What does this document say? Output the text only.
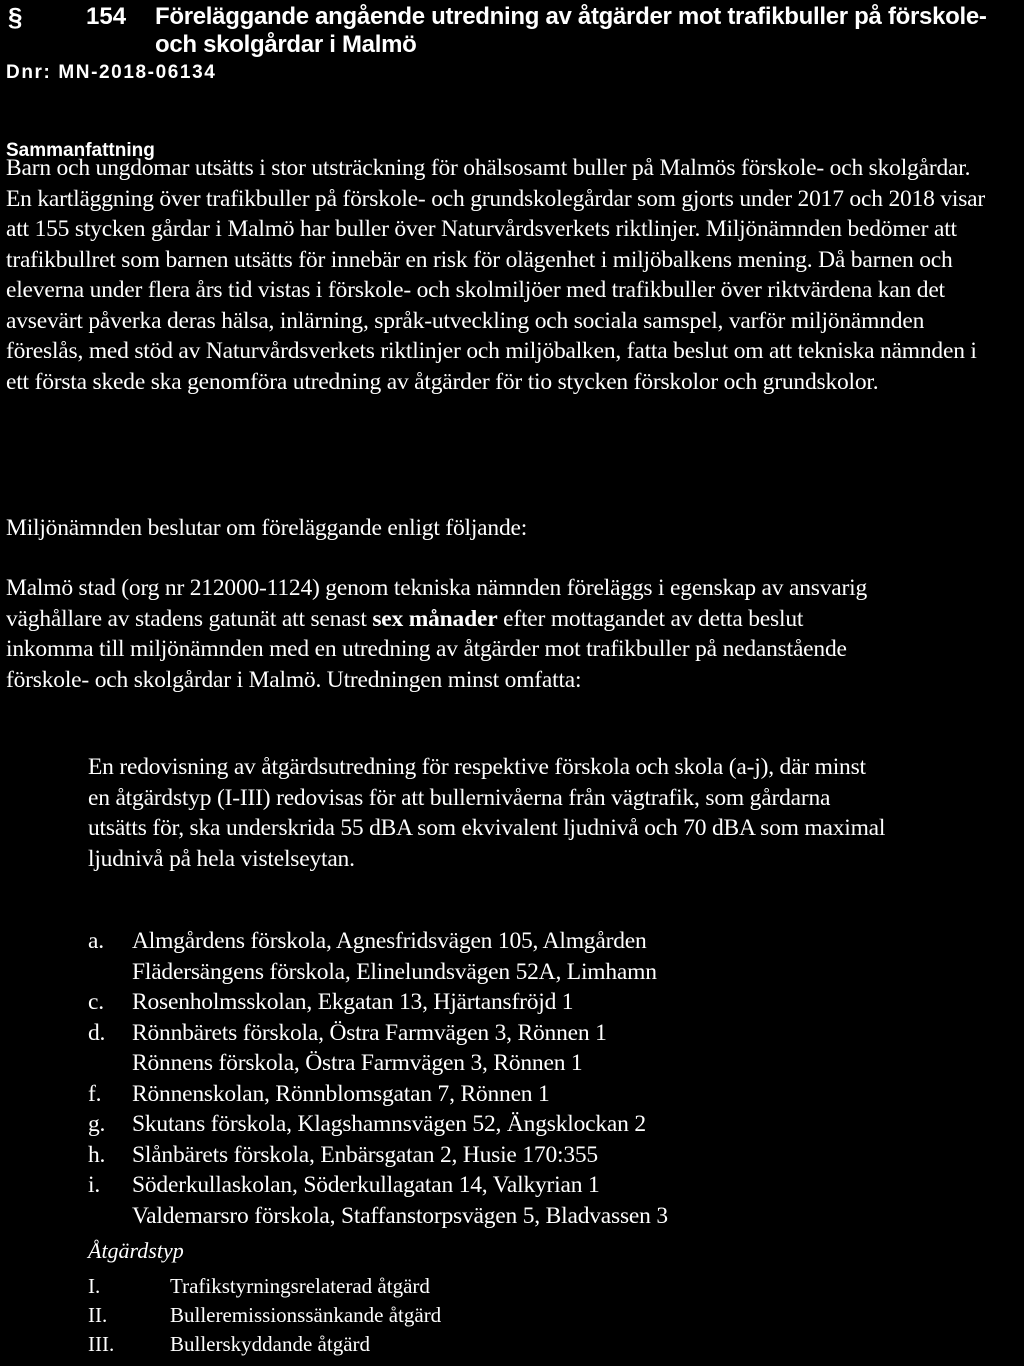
§	154 Föreläggande angående utredning av åtgärder mot trafikbuller på förskole-
och skolgårdar i Malmö
Dnr: MN-2018-06134
Sammanfattning
Barn och ungdomar utsätts i stor utsträckning för ohälsosamt buller på Malmös förskole- och skolgårdar. En kartläggning över trafikbuller på förskole- och grundskolegårdar som gjorts under 2017 och 2018 visar att 155 stycken gårdar i Malmö har buller över Naturvårdsverkets riktlinjer. Miljönämnden bedömer att trafikbullret som barnen utsätts för innebär en risk för olägenhet i miljöbalkens mening. Då barnen och eleverna under flera års tid vistas i förskole- och skolmiljöer med trafikbuller över riktvärdena kan det avsevärt påverka deras hälsa, inlärning, språk-utveckling och sociala samspel, varför miljönämnden föreslås, med stöd av Naturvårdsverkets riktlinjer och miljöbalken, fatta beslut om att tekniska nämnden i ett första skede ska genomföra utredning av åtgärder för tio stycken förskolor och grundskolor.
Miljönämnden beslutar om föreläggande enligt följande:
Malmö stad (org nr 212000-1124) genom tekniska nämnden föreläggs i egenskap av ansvarig väghållare av stadens gatunät att senast sex månader efter mottagandet av detta beslut inkomma till miljönämnden med en utredning av åtgärder mot trafikbuller på nedanstående förskole- och skolgårdar i Malmö. Utredningen minst omfatta:
En redovisning av åtgärdsutredning för respektive förskola och skola (a-j), där minst en åtgärdstyp (I-III) redovisas för att bullernivåerna från vägtrafik, som gårdarna utsätts för, ska underskrida 55 dBA som ekvivalent ljudnivå och 70 dBA som maximal ljudnivå på hela vistelseytan.
a. Almgårdens förskola, Agnesfridsvägen 105, Almgården
Flädersängens förskola, Elinelundsvägen 52A, Limhamn
c. Rosenholmsskolan, Ekgatan 13, Hjärtansfröjd 1
d. Rönnbärets förskola, Östra Farmvägen 3, Rönnen 1
Rönnens förskola, Östra Farmvägen 3, Rönnen 1
f. Rönnenskolan, Rönnblomsgatan 7, Rönnen 1
g. Skutans förskola, Klagshamnsvägen 52, Ängsklockan 2
h. Slånbärets förskola, Enbärsgatan 2, Husie 170:355
i. Söderkullaskolan, Söderkullagatan 14, Valkyrian 1
Valdemarsro förskola, Staffanstorpsvägen 5, Bladvassen 3
Åtgärdstyp
I.	Trafikstyrningsrelaterad åtgärd
II.	Bulleremissionssänkande åtgärd
III.	Bullerskyddande åtgärd
